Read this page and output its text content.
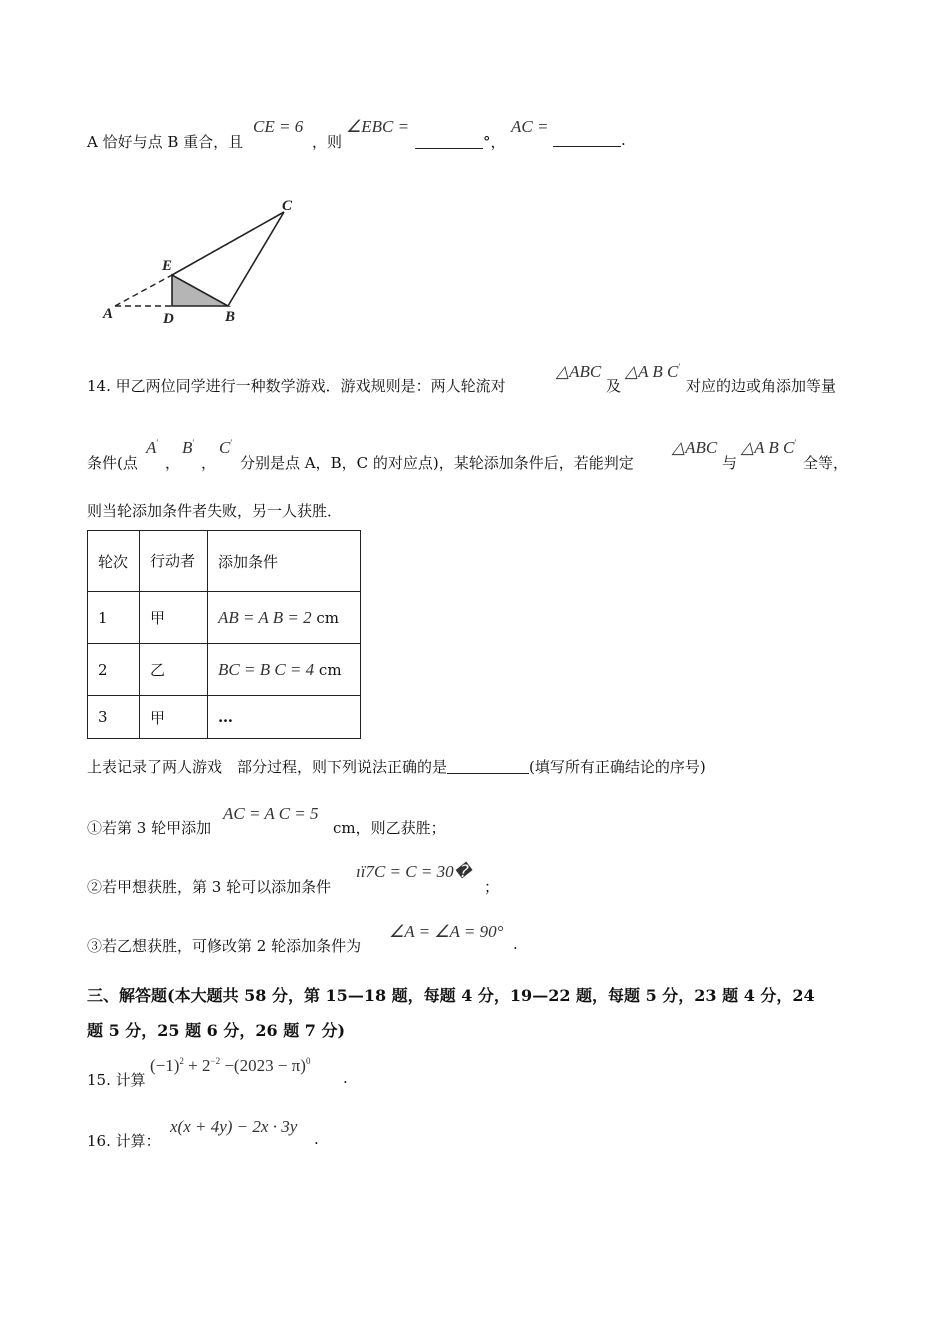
A 恰好与点 B 重合，且
CE = 6
，则
∠EBC =
°，
AC =
.
C
E
A	D	B
14. 甲乙两位同学进行一种数学游戏．游戏规则是：两人轮流对
△ABC
及
△A B C′
对应的边或角添加等量
条件(点
A′
，
B′
，
C′
分别是点 A，B，C 的对应点)，某轮添加条件后，若能判定
△ABC
与
△A B C′
全等，
则当轮添加条件者失败，另一人获胜．
轮次	行动者	添加条件
1	甲	AB = A B = 2 cm
2	乙	BC = B C = 4 cm
3	甲	…
上表记录了两人游戏　部分过程，则下列说法正确的是	(填写所有正确结论的序号)
①若第 3 轮甲添加
AC = A C = 5
cm，则乙获胜；
②若甲想获胜，第 3 轮可以添加条件
ıï7C = C = 30�
；
③若乙想获胜，可修改第 2 轮添加条件为
∠A = ∠A = 90°
.
三、解答题(本大题共 58 分，第 15—18 题，每题 4 分，19—22 题，每题 5 分，23 题 4 分，24
题 5 分，25 题 6 分，26 题 7 分)
15. 计算
$(-1)^2 + 2^{-2} -(2023 - \pi)^0$
.
16. 计算：
x(x + 4y) − 2x · 3y
.
